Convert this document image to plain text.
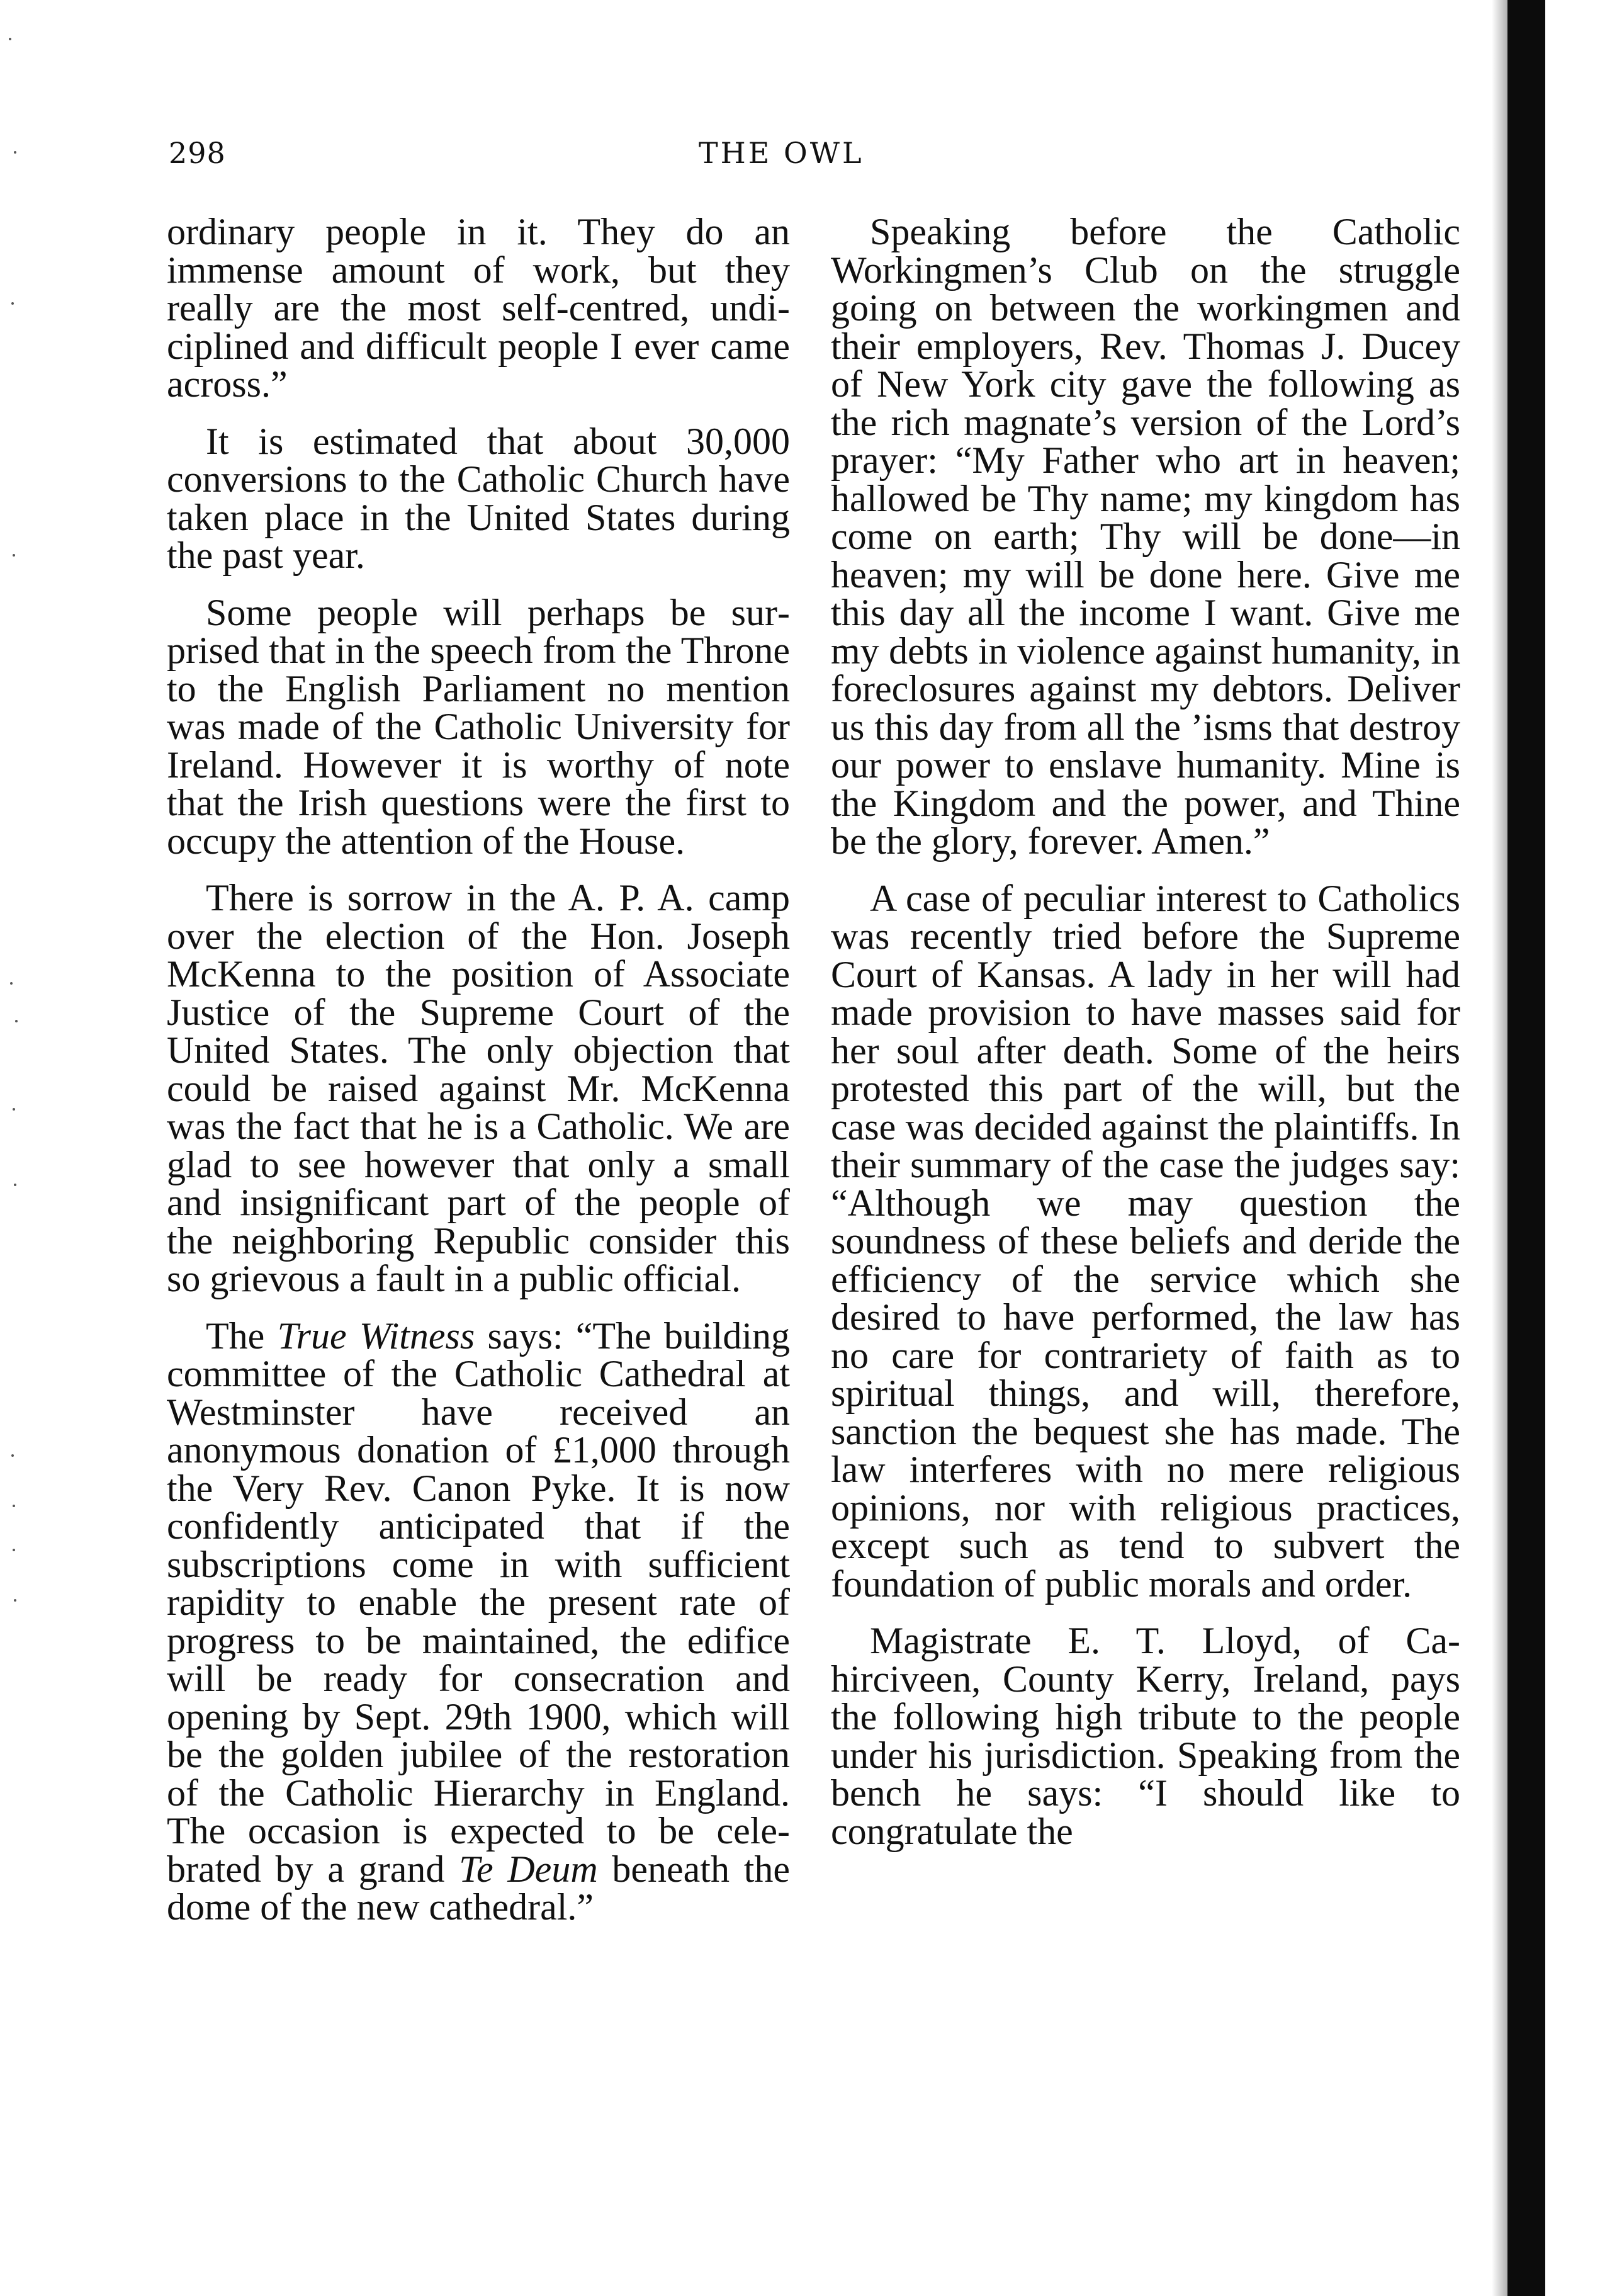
298	THE OWL

ordinary people in it. They do an immense amount of work, but they really are the most self-centred, undiciplined and difficult people I ever came across.”

It is estimated that about 30,000 conversions to the Catholic Church have taken place in the United States during the past year.

Some people will perhaps be surprised that in the speech from the Throne to the English Parliament no mention was made of the Catholic University for Ireland. However it is worthy of note that the Irish questions were the first to occupy the attention of the House.

There is sorrow in the A. P. A. camp over the election of the Hon. Joseph McKenna to the position of Associate Justice of the Supreme Court of the United States. The only objection that could be raised against Mr. McKenna was the fact that he is a Catholic. We are glad to see however that only a small and insignificant part of the people of the neighboring Republic consider this so grievous a fault in a public official.

The True Witness says: “The building committee of the Catholic Cathedral at Westminster have received an anonymous donation of £1,000 through the Very Rev. Canon Pyke. It is now confidently anticipated that if the subscriptions come in with sufficient rapidity to enable the present rate of progress to be maintained, the edifice will be ready for consecration and opening by Sept. 29th 1900, which will be the golden jubilee of the restoration of the Catholic Hierarchy in England. The occasion is expected to be celebrated by a grand Te Deum beneath the dome of the new cathedral.”

Speaking before the Catholic Workingmen’s Club on the struggle going on between the workingmen and their employers, Rev. Thomas J. Ducey of New York city gave the following as the rich magnate’s version of the Lord’s prayer: “My Father who art in heaven; hallowed be Thy name; my kingdom has come on earth; Thy will be done—in heaven; my will be done here. Give me this day all the income I want. Give me my debts in violence against humanity, in foreclosures against my debtors. Deliver us this day from all the ’isms that destroy our power to enslave humanity. Mine is the Kingdom and the power, and Thine be the glory, forever. Amen.”

A case of peculiar interest to Catholics was recently tried before the Supreme Court of Kansas. A lady in her will had made provision to have masses said for her soul after death. Some of the heirs protested this part of the will, but the case was decided against the plaintiffs. In their summary of the case the judges say: “Although we may question the soundness of these beliefs and deride the efficiency of the service which she desired to have performed, the law has no care for contrariety of faith as to spiritual things, and will, therefore, sanction the bequest she has made. The law interferes with no mere religious opinions, nor with religious practices, except such as tend to subvert the foundation of public morals and order.

Magistrate E. T. Lloyd, of Cahirciveen, County Kerry, Ireland, pays the following high tribute to the people under his jurisdiction. Speaking from the bench he says: “I should like to congratulate the
